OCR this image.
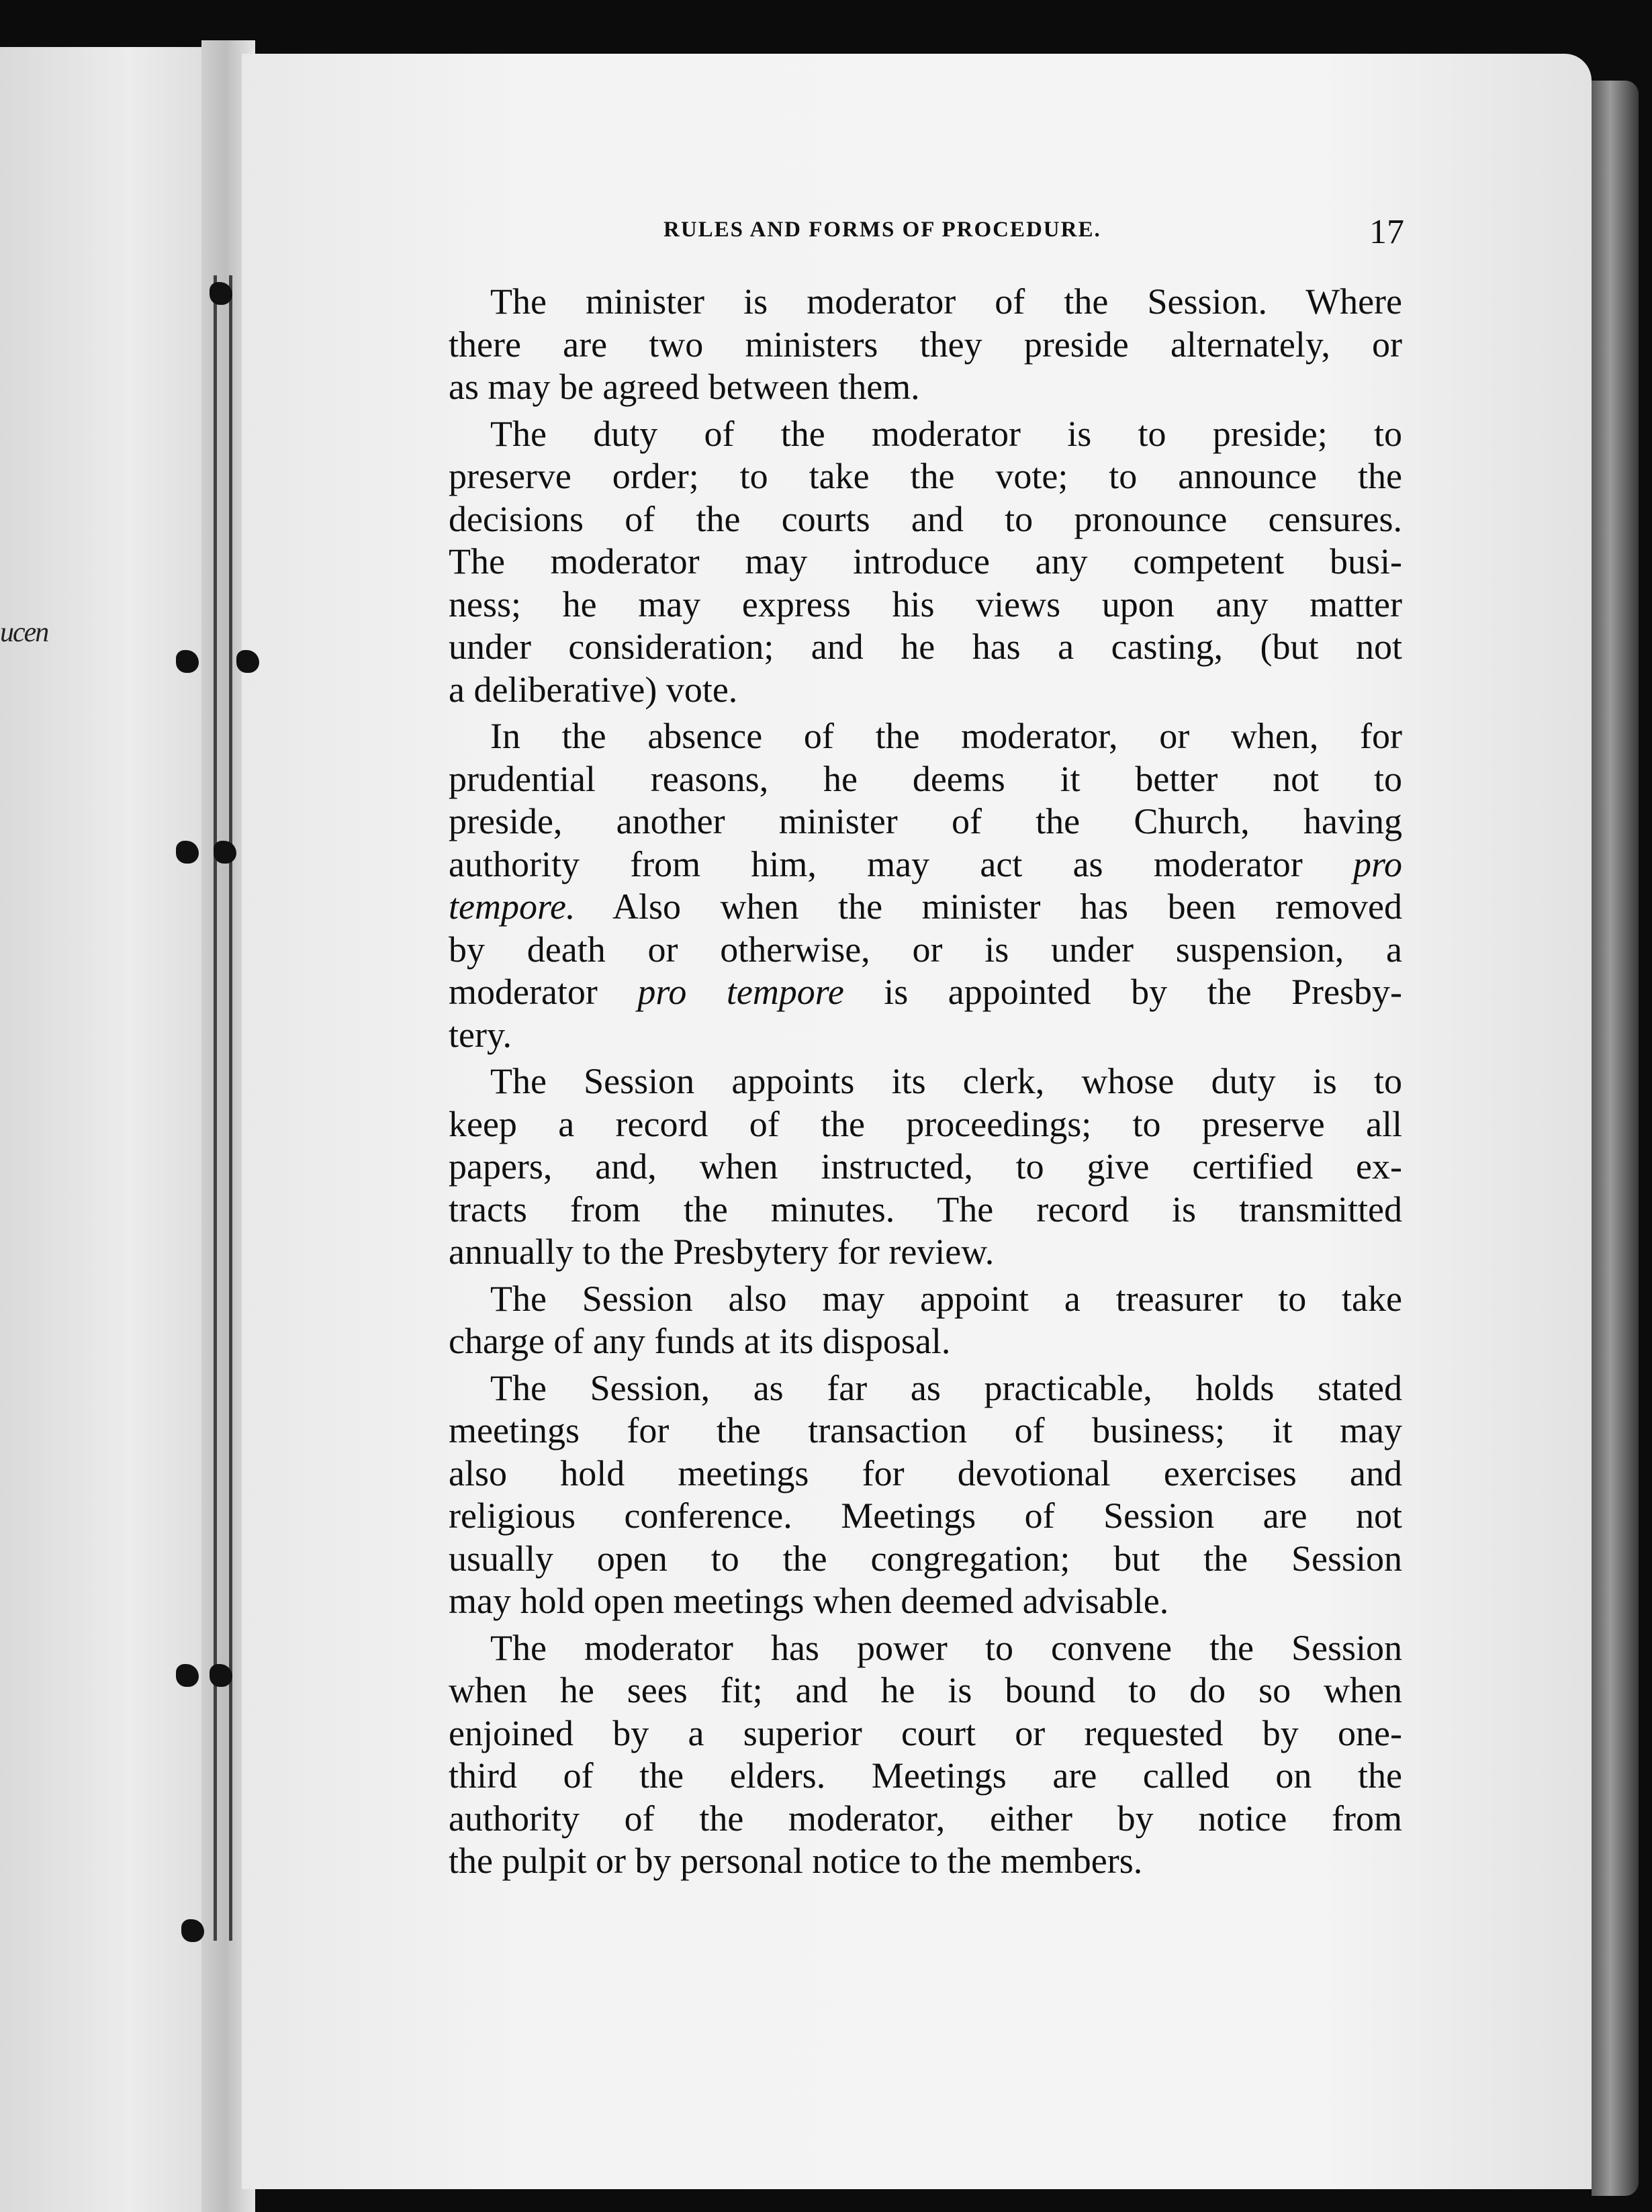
ucen
RULES AND FORMS OF PROCEDURE.	17
The minister is moderator of the Session. Where
there are two ministers they preside alternately, or
as may be agreed between them.
The duty of the moderator is to preside; to
preserve order; to take the vote; to announce the
decisions of the courts and to pronounce censures.
The moderator may introduce any competent busi-
ness; he may express his views upon any matter
under consideration; and he has a casting, (but not
a deliberative) vote.
In the absence of the moderator, or when, for
prudential reasons, he deems it better not to
preside, another minister of the Church, having
authority from him, may act as moderator pro
tempore. Also when the minister has been removed
by death or otherwise, or is under suspension, a
moderator pro tempore is appointed by the Presby-
tery.
The Session appoints its clerk, whose duty is to
keep a record of the proceedings; to preserve all
papers, and, when instructed, to give certified ex-
tracts from the minutes. The record is transmitted
annually to the Presbytery for review.
The Session also may appoint a treasurer to take
charge of any funds at its disposal.
The Session, as far as practicable, holds stated
meetings for the transaction of business; it may
also hold meetings for devotional exercises and
religious conference. Meetings of Session are not
usually open to the congregation; but the Session
may hold open meetings when deemed advisable.
The moderator has power to convene the Session
when he sees fit; and he is bound to do so when
enjoined by a superior court or requested by one-
third of the elders. Meetings are called on the
authority of the moderator, either by notice from
the pulpit or by personal notice to the members.
